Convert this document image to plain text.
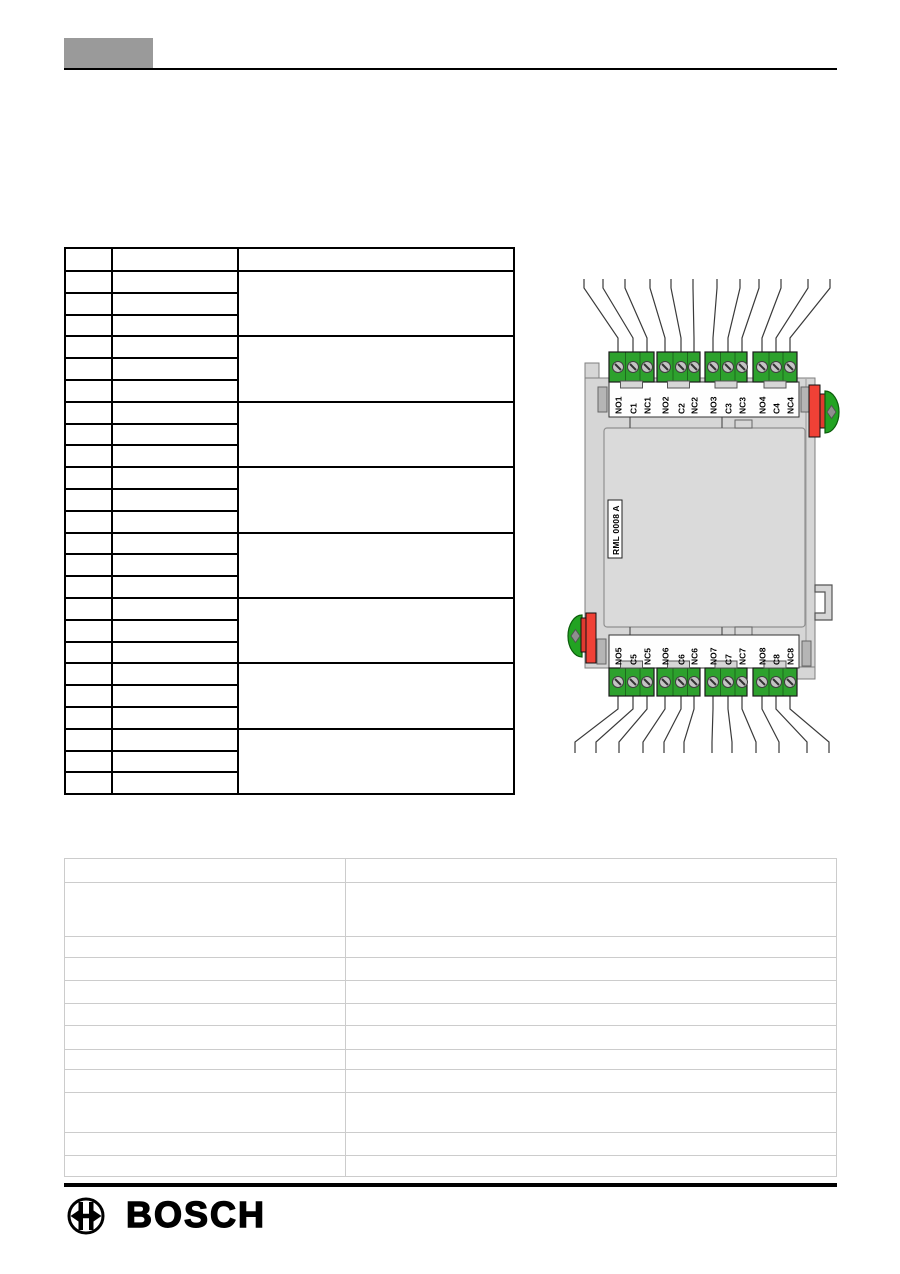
RML 0008 A
NO1 C1 NC1 NO2 C2 NC2 NO3 C3 NC3 NO4 C4 NC4
NO5 C5 NC5 NO6 C6 NC6 NO7 C7 NC7 NO8 C8 NC8

BOSCH
